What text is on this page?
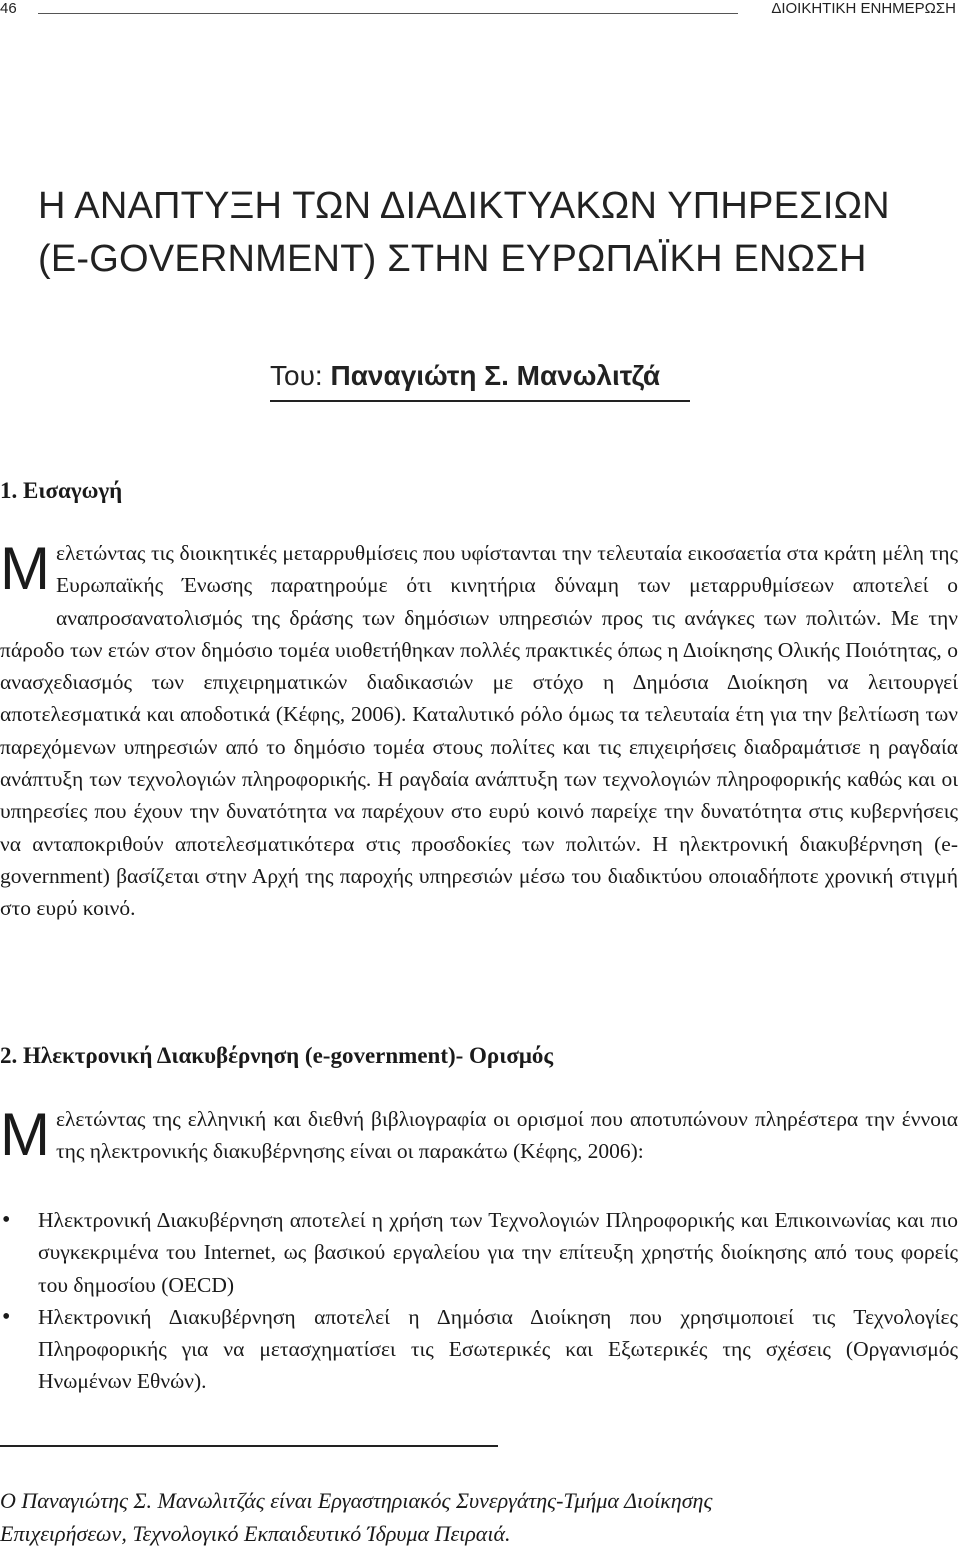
46	ΔΙΟΙΚΗΤΙΚΗ ΕΝΗΜΕΡΩΣΗ
Η ΑΝΑΠΤΥΞΗ ΤΩΝ ΔΙΑΔΙΚΤΥΑΚΩΝ ΥΠΗΡΕΣΙΩΝ
(E-GOVERNMENT) ΣΤΗΝ ΕΥΡΩΠΑΪΚΗ ΕΝΩΣΗ
Του: Παναγιώτη Σ. Μανωλιτζά
1. Εισαγωγή
Μελετώντας τις διοικητικές μεταρρυθμίσεις που υφίστανται την τελευταία εικοσαετία στα κράτη μέλη της Ευρωπαϊκής Ένωσης παρατηρούμε ότι κινητήρια δύναμη των μεταρρυθμίσεων αποτελεί ο αναπροσανατολισμός της δράσης των δημόσιων υπηρεσιών προς τις ανάγκες των πολιτών. Με την πάροδο των ετών στον δημόσιο τομέα υιοθετήθηκαν πολλές πρακτικές όπως η Διοίκησης Ολικής Ποιότητας, ο ανασχεδιασμός των επιχειρηματικών διαδικασιών με στόχο η Δημόσια Διοίκηση να λειτουργεί αποτελεσματικά και αποδοτικά (Κέφης, 2006). Καταλυτικό ρόλο όμως τα τελευταία έτη για την βελτίωση των παρεχόμενων υπηρεσιών από το δημόσιο τομέα στους πολίτες και τις επιχειρήσεις διαδραμάτισε η ραγδαία ανάπτυξη των τεχνολογιών πληροφορικής. Η ραγδαία ανάπτυξη των τεχνολογιών πληροφορικής καθώς και οι υπηρεσίες που έχουν την δυνατότητα να παρέχουν στο ευρύ κοινό παρείχε την δυνατότητα στις κυβερνήσεις να ανταποκριθούν αποτελεσματικότερα στις προσδοκίες των πολιτών. Η ηλεκτρονική διακυβέρνηση (e-government) βασίζεται στην Αρχή της παροχής υπηρεσιών μέσω του διαδικτύου οποιαδήποτε χρονική στιγμή στο ευρύ κοινό.
2. Ηλεκτρονική Διακυβέρνηση (e-government)- Ορισμός
Μελετώντας της ελληνική και διεθνή βιβλιογραφία οι ορισμοί που αποτυπώνουν πληρέστερα την έννοια της ηλεκτρονικής διακυβέρνησης είναι οι παρακάτω (Κέφης, 2006):
• Ηλεκτρονική Διακυβέρνηση αποτελεί η χρήση των Τεχνολογιών Πληροφορικής και Επικοινωνίας και πιο συγκεκριμένα του Internet, ως βασικού εργαλείου για την επίτευξη χρηστής διοίκησης από τους φορείς του δημοσίου (OECD)
• Ηλεκτρονική Διακυβέρνηση αποτελεί η Δημόσια Διοίκηση που χρησιμοποιεί τις Τεχνολογίες Πληροφορικής για να μετασχηματίσει τις Εσωτερικές και Εξωτερικές της σχέσεις (Οργανισμός Ηνωμένων Εθνών).
Ο Παναγιώτης Σ. Μανωλιτζάς είναι Εργαστηριακός Συνεργάτης-Τμήμα Διοίκησης
Επιχειρήσεων, Τεχνολογικό Εκπαιδευτικό Ίδρυμα Πειραιά.
